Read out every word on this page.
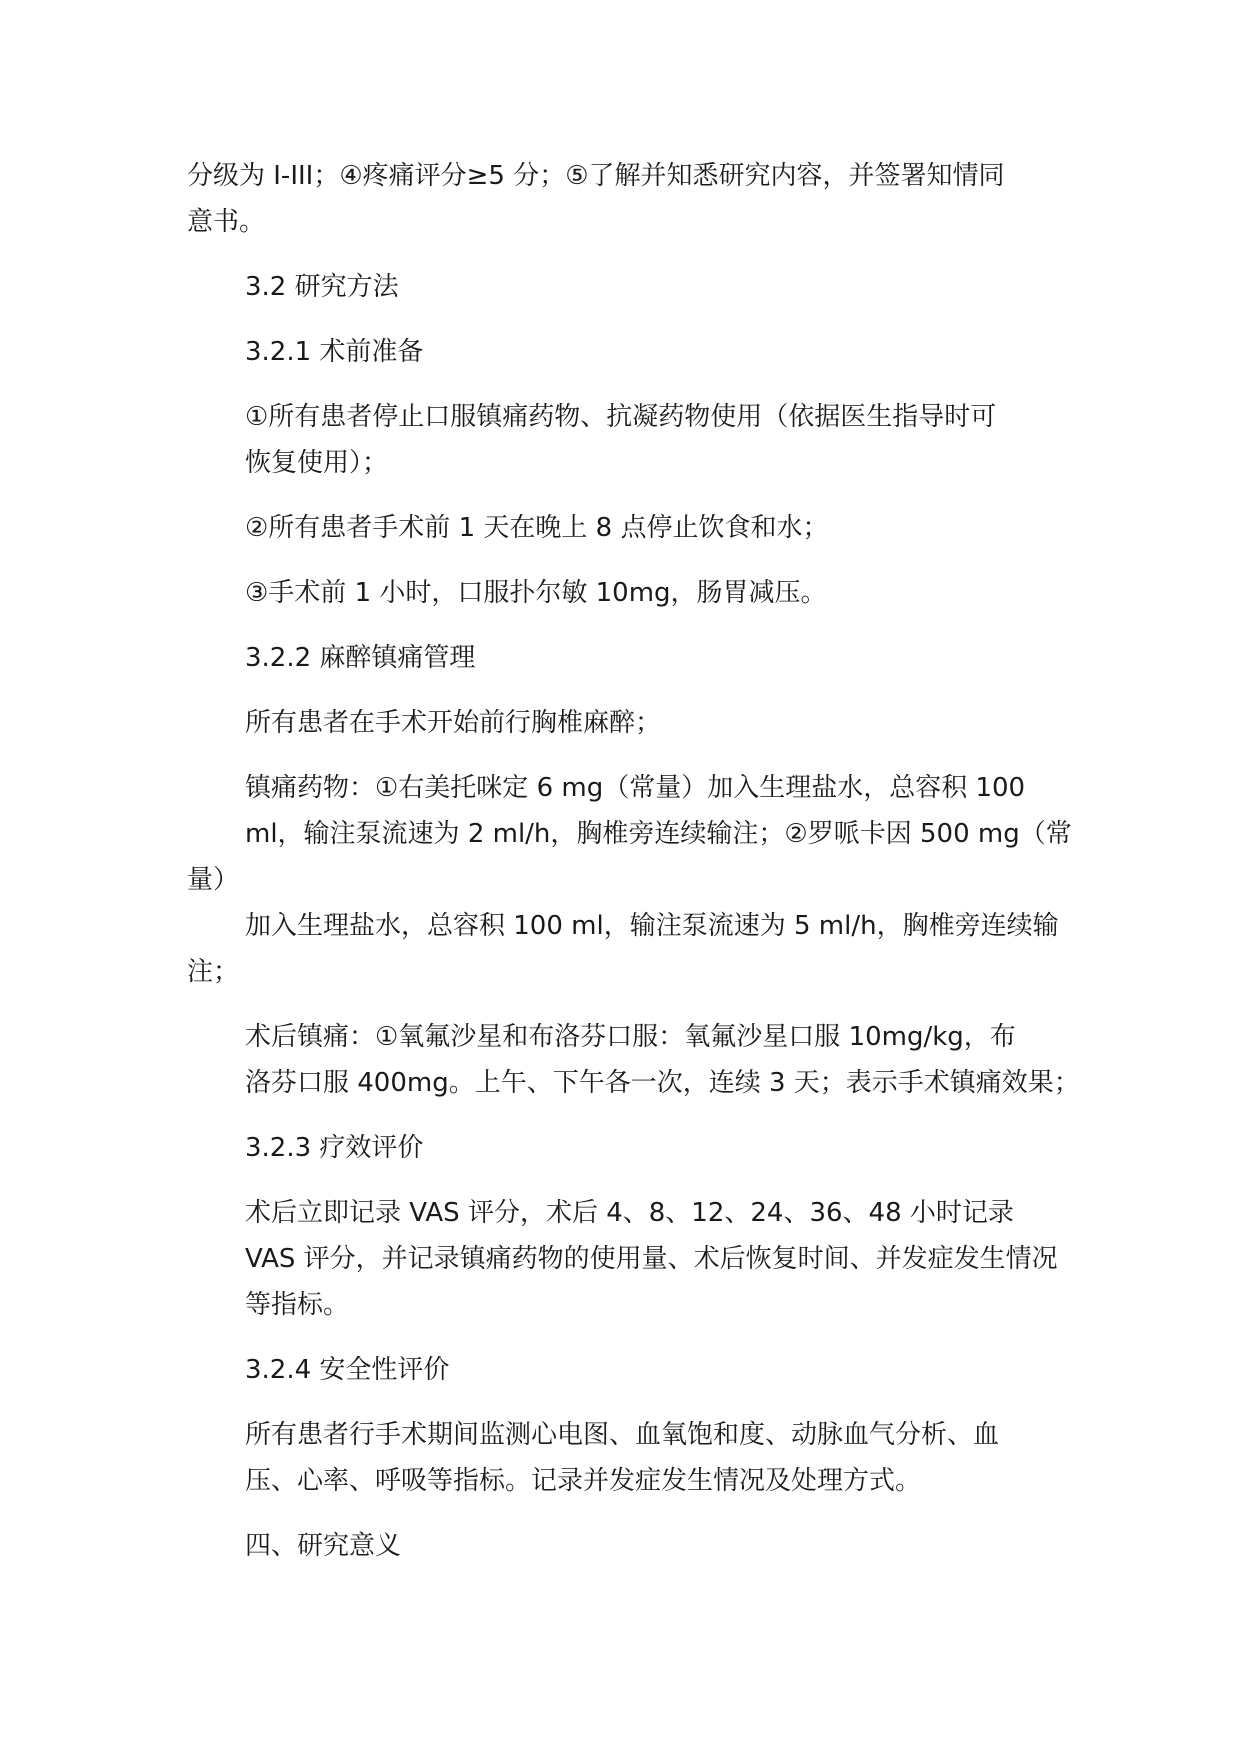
分级为 I-III；④疼痛评分≥5 分；⑤了解并知悉研究内容，并签署知情同
意书。

3.2 研究方法

3.2.1 术前准备

①所有患者停止口服镇痛药物、抗凝药物使用（依据医生指导时可
恢复使用）；

②所有患者手术前 1 天在晚上 8 点停止饮食和水；

③手术前 1 小时，口服扑尔敏 10mg，肠胃减压。

3.2.2 麻醉镇痛管理

所有患者在手术开始前行胸椎麻醉；

镇痛药物：①右美托咪定 6 mg（常量）加入生理盐水，总容积 100
ml，输注泵流速为 2 ml/h，胸椎旁连续输注；②罗哌卡因 500 mg（常量）
加入生理盐水，总容积 100 ml，输注泵流速为 5 ml/h，胸椎旁连续输注；

术后镇痛：①氧氟沙星和布洛芬口服：氧氟沙星口服 10mg/kg，布
洛芬口服 400mg。上午、下午各一次，连续 3 天；表示手术镇痛效果；

3.2.3 疗效评价

术后立即记录 VAS 评分，术后 4、8、12、24、36、48 小时记录
VAS 评分，并记录镇痛药物的使用量、术后恢复时间、并发症发生情况
等指标。

3.2.4 安全性评价

所有患者行手术期间监测心电图、血氧饱和度、动脉血气分析、血
压、心率、呼吸等指标。记录并发症发生情况及处理方式。

四、研究意义
